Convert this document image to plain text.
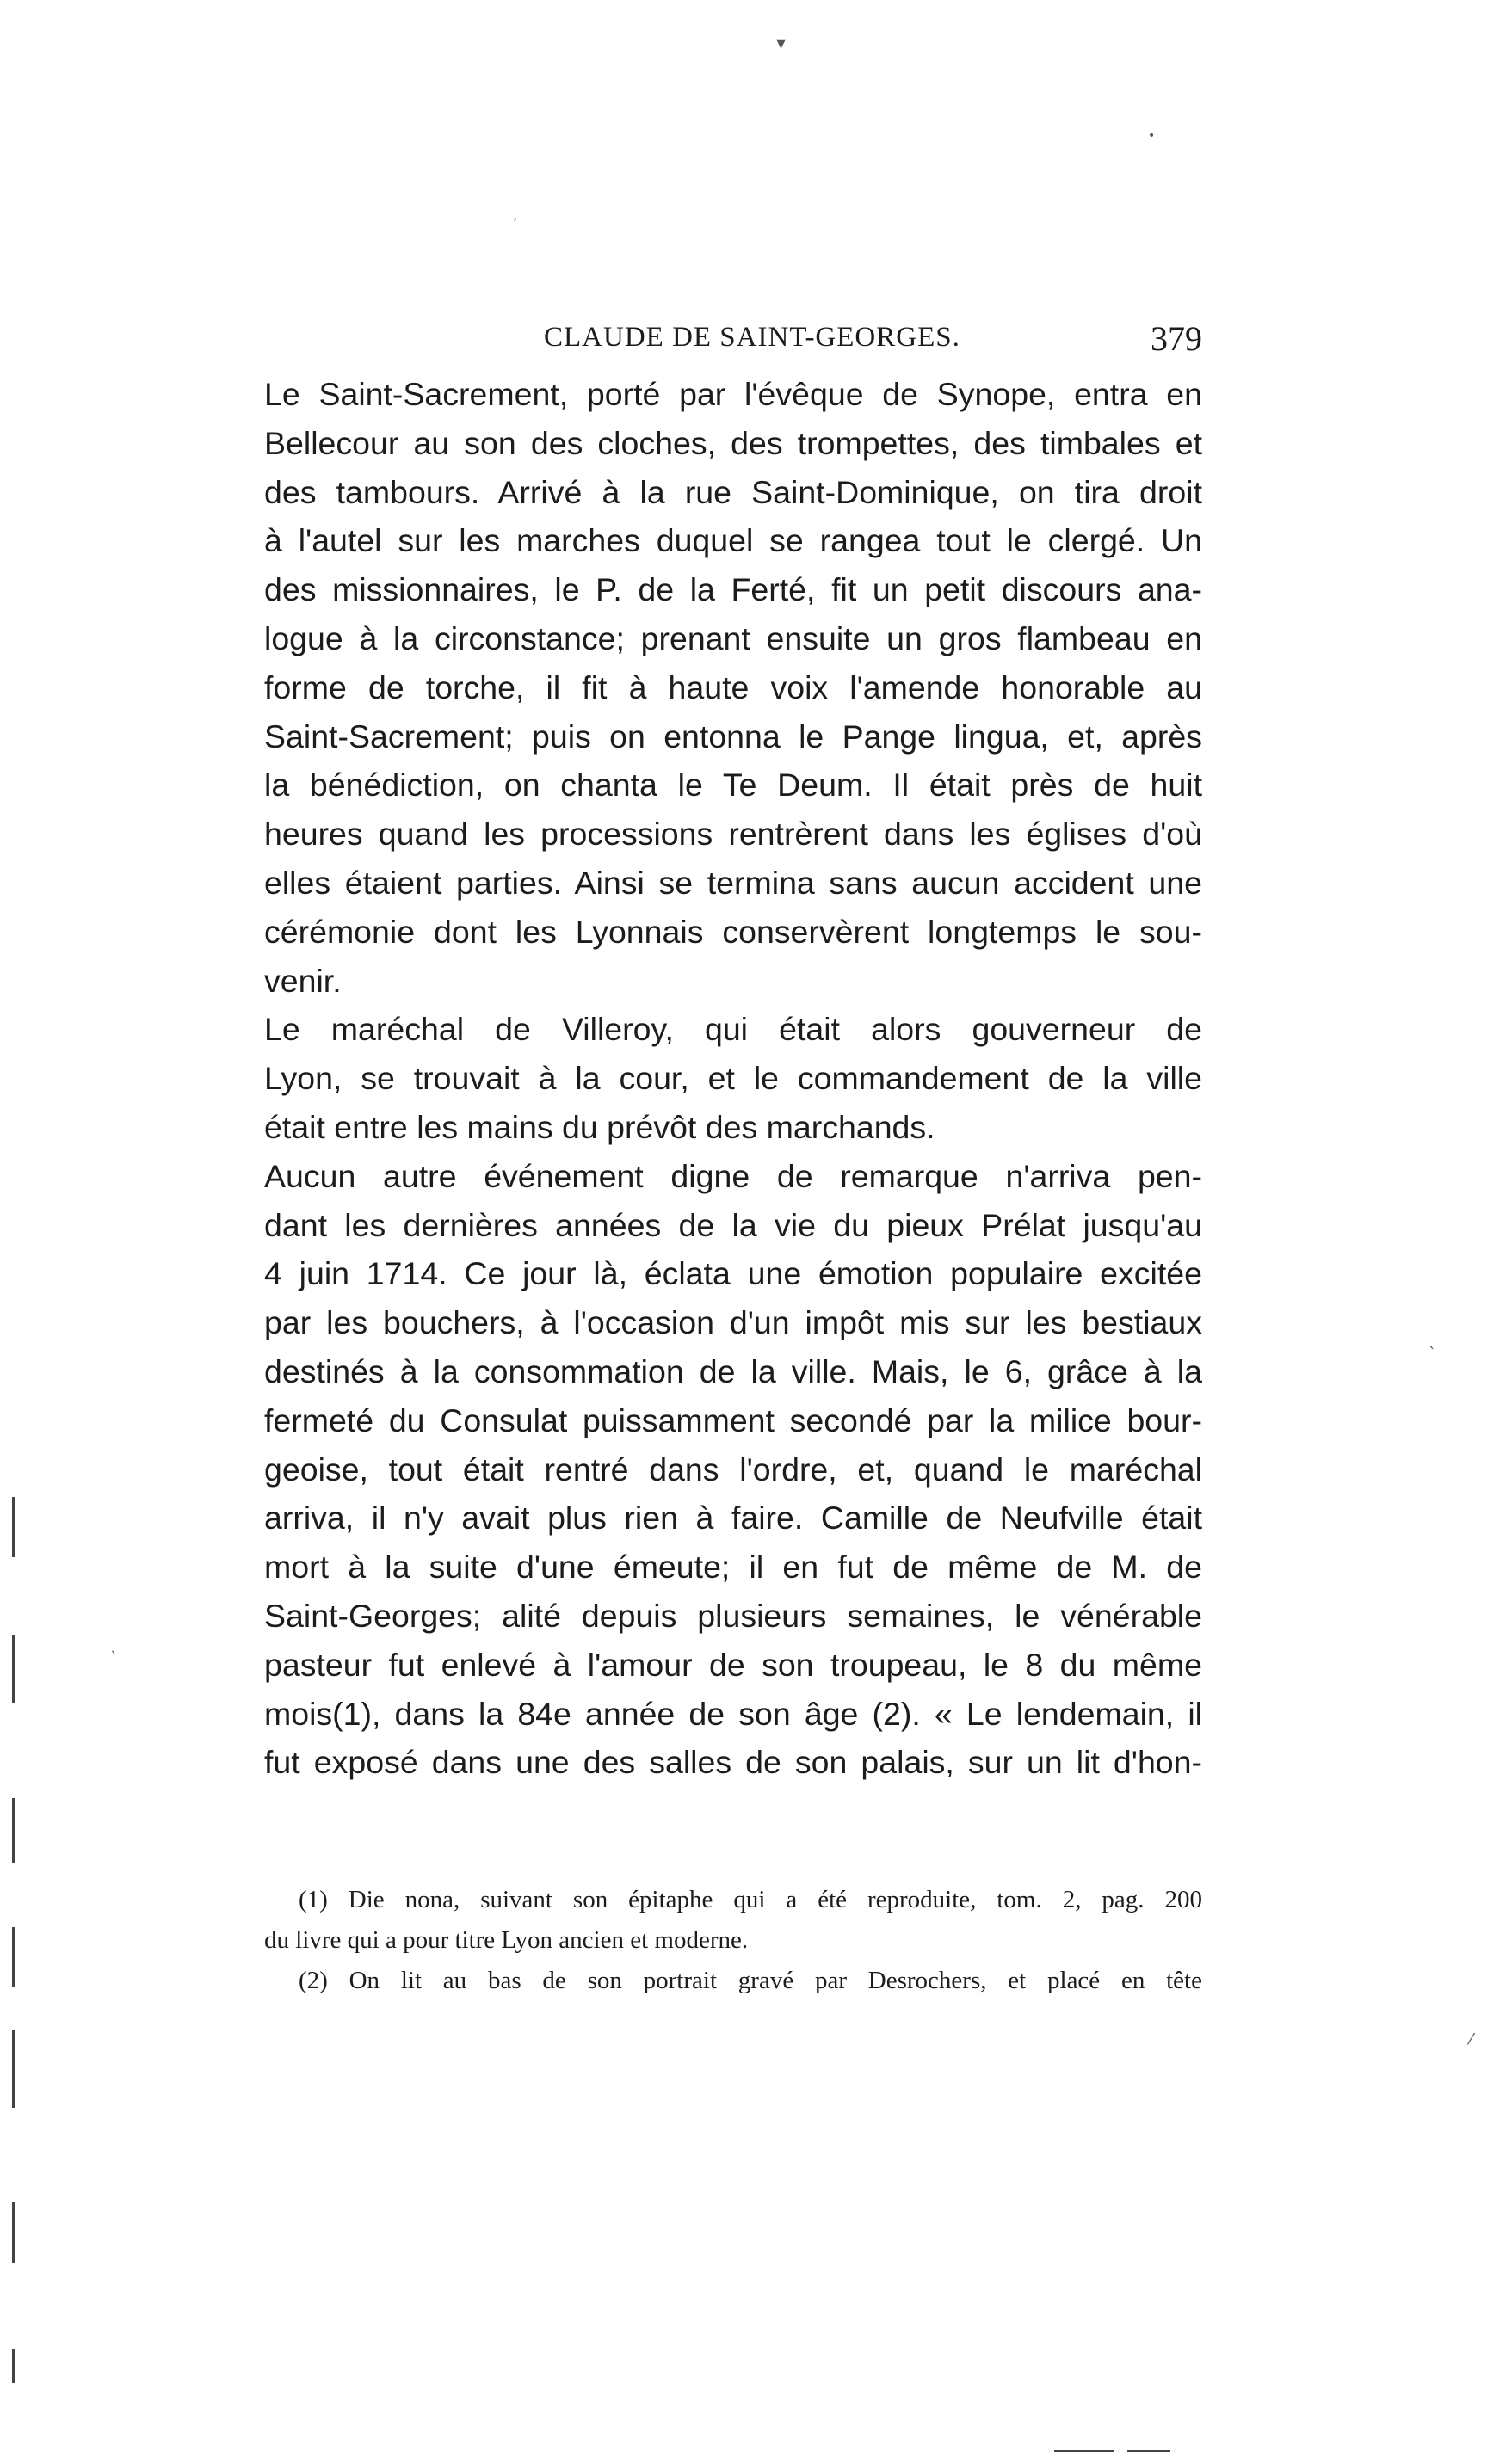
CLAUDE DE SAINT-GEORGES.	379
Le Saint-Sacrement, porté par l'évêque de Synope, entra en
Bellecour au son des cloches, des trompettes, des timbales et
des tambours. Arrivé à la rue Saint-Dominique, on tira droit
à l'autel sur les marches duquel se rangea tout le clergé. Un
des missionnaires, le P. de la Ferté, fit un petit discours ana-
logue à la circonstance; prenant ensuite un gros flambeau en
forme de torche, il fit à haute voix l'amende honorable au
Saint-Sacrement; puis on entonna le Pange lingua, et, après
la bénédiction, on chanta le Te Deum. Il était près de huit
heures quand les processions rentrèrent dans les églises d'où
elles étaient parties. Ainsi se termina sans aucun accident une
cérémonie dont les Lyonnais conservèrent longtemps le sou-
venir.
Le maréchal de Villeroy, qui était alors gouverneur de
Lyon, se trouvait à la cour, et le commandement de la ville
était entre les mains du prévôt des marchands.
Aucun autre événement digne de remarque n'arriva pen-
dant les dernières années de la vie du pieux Prélat jusqu'au
4 juin 1714. Ce jour là, éclata une émotion populaire excitée
par les bouchers, à l'occasion d'un impôt mis sur les bestiaux
destinés à la consommation de la ville. Mais, le 6, grâce à la
fermeté du Consulat puissamment secondé par la milice bour-
geoise, tout était rentré dans l'ordre, et, quand le maréchal
arriva, il n'y avait plus rien à faire. Camille de Neufville était
mort à la suite d'une émeute; il en fut de même de M. de
Saint-Georges; alité depuis plusieurs semaines, le vénérable
pasteur fut enlevé à l'amour de son troupeau, le 8 du même
mois(1), dans la 84e année de son âge (2). « Le lendemain, il
fut exposé dans une des salles de son palais, sur un lit d'hon-
(1) Die nona, suivant son épitaphe qui a été reproduite, tom. 2, pag. 200
du livre qui a pour titre Lyon ancien et moderne.
(2) On lit au bas de son portrait gravé par Desrochers, et placé en tête
▾
ʼ
•
ˎ
ˎ
⁄
